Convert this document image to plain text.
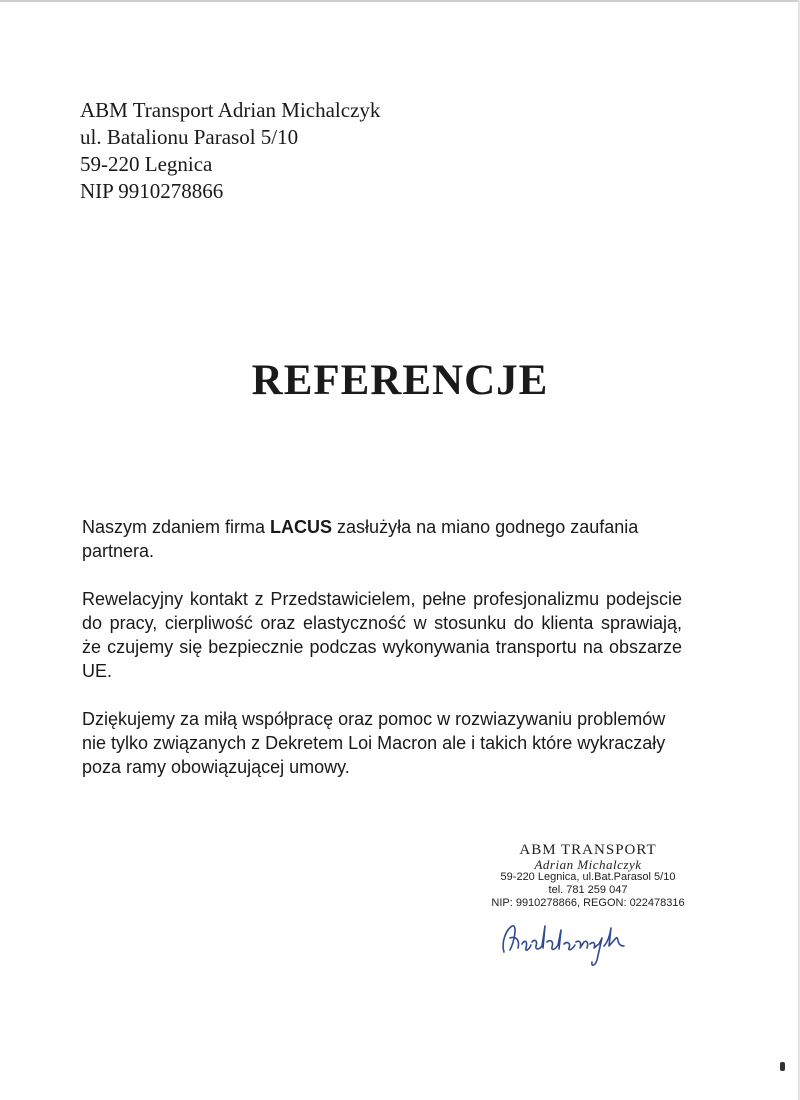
ABM Transport Adrian Michalczyk
ul. Batalionu Parasol 5/10
59-220 Legnica
NIP 9910278866
REFERENCJE

Naszym zdaniem firma LACUS zasłużyła na miano godnego zaufania partnera.

Rewelacyjny kontakt z Przedstawicielem, pełne profesjonalizmu podejscie do pracy, cierpliwość oraz elastyczność w stosunku do klienta sprawiają, że czujemy się bezpiecznie podczas wykonywania transportu na obszarze UE.

Dziękujemy za miłą współpracę oraz pomoc w rozwiazywaniu problemów nie tylko związanych z Dekretem Loi Macron ale i takich które wykraczały poza ramy obowiązującej umowy.

ABM TRANSPORT
Adrian Michalczyk
59-220 Legnica, ul.Bat.Parasol 5/10
tel. 781 259 047
NIP: 9910278866, REGON: 022478316
